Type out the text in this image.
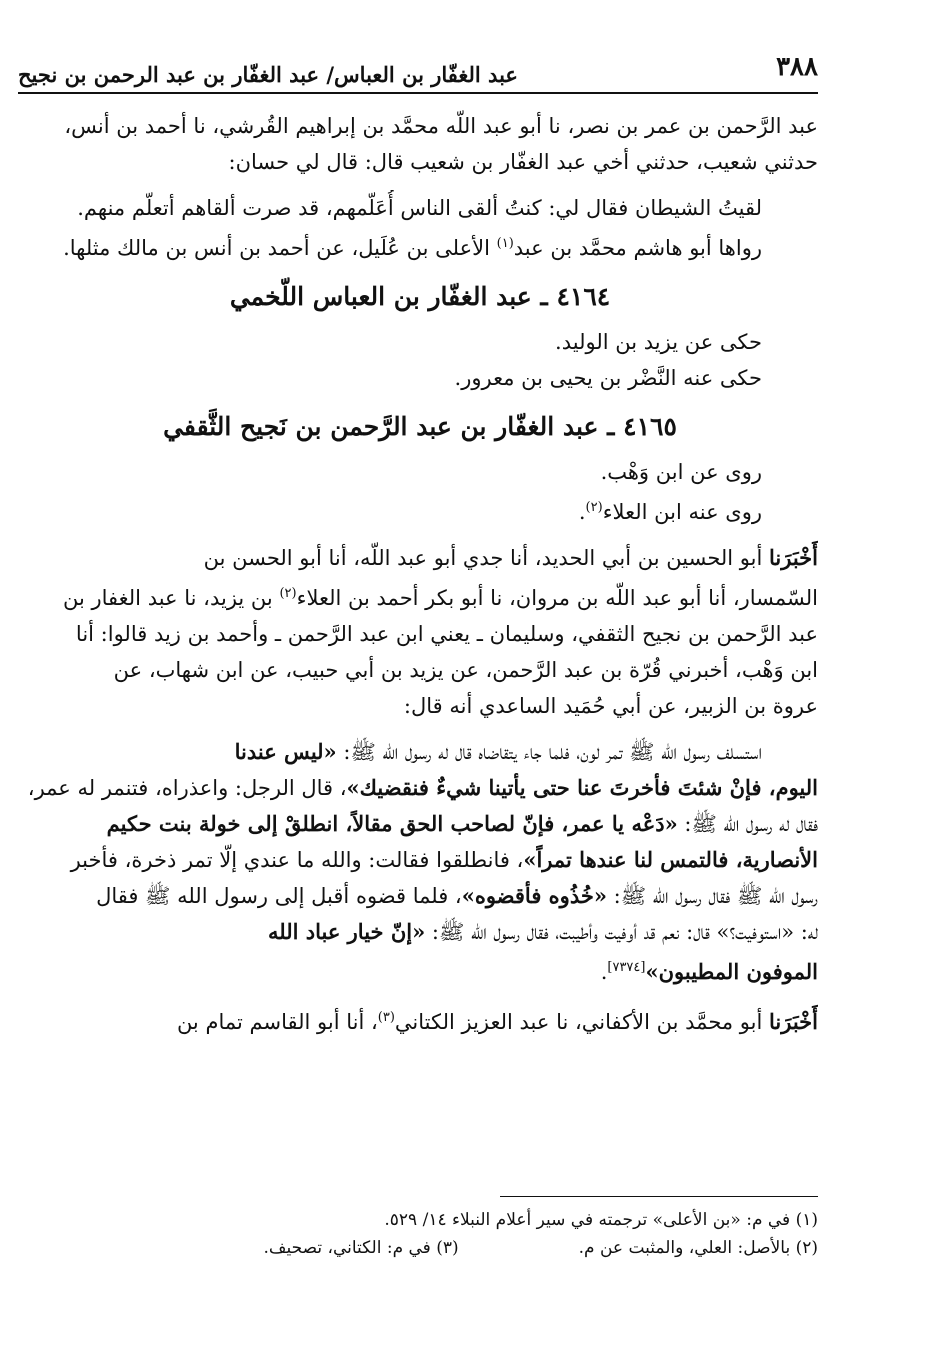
٣٨٨
عبد الغفّار بن العباس/ عبد الغفّار بن عبد الرحمن بن نجيح
عبد الرَّحمن بن عمر بن نصر، نا أبو عبد اللّه محمَّد بن إبراهيم القُرشي، نا أحمد بن أنس،
حدثني شعيب، حدثني أخي عبد الغفّار بن شعيب قال: قال لي حسان:
لقيتُ الشيطان فقال لي: كنتُ ألقى الناس أُعَلّمهم، قد صرت ألقاهم أتعلّم منهم.
رواها أبو هاشم محمَّد بن عبد$^{(١)}$ الأعلى بن عُلَيل، عن أحمد بن أنس بن مالك مثلها.
٤١٦٤ ـ عبد الغفّار بن العباس اللّخمي
حكى عن يزيد بن الوليد.
حكى عنه النَّضْر بن يحيى بن معرور.
٤١٦٥ ـ عبد الغفّار بن عبد الرَّحمن بن نَجيح الثَّقفي
روى عن ابن وَهْب.
روى عنه ابن العلاء$^{(٢)}$.
أَخْبَرَنا أبو الحسين بن أبي الحديد، أنا جدي أبو عبد اللّه، أنا أبو الحسن بن
السّمسار، أنا أبو عبد اللّه بن مروان، نا أبو بكر أحمد بن العلاء$^{(٢)}$ بن يزيد، نا عبد الغفار بن
عبد الرَّحمن بن نجيح الثقفي، وسليمان ـ يعني ابن عبد الرَّحمن ـ وأحمد بن زيد قالوا: أنا
ابن وَهْب، أخبرني قُرّة بن عبد الرَّحمن، عن يزيد بن أبي حبيب، عن ابن شهاب، عن
عروة بن الزبير، عن أبي حُمَيد الساعدي أنه قال:
استسلف رسول الله ﷺ تمر لون، فلما جاء يتقاضاه قال له رسول الله ﷺ: «ليس عندنا
اليوم، فإنْ شئتَ فأخرتَ عنا حتى يأتينا شيءٌ فنقضيك»، قال الرجل: واعذراه، فتنمر له عمر،
فقال له رسول الله ﷺ: «دَعْه يا عمر، فإنّ لصاحب الحق مقالاً، انطلقْ إلى خولة بنت حكيم
الأنصارية، فالتمس لنا عندها تمراً»، فانطلقوا فقالت: والله ما عندي إلّا تمر ذخرة، فأخبر
رسول الله ﷺ فقال رسول الله ﷺ: «خُذُوه فأقضوه»، فلما قضوه أقبل إلى رسول الله ﷺ فقال
له: «استوفيت؟» قال: نعم قد أوفيت وأطيبت، فقال رسول الله ﷺ: «إنّ خيار عباد الله
الموفون المطيبون»[٧٣٧٤].
أَخْبَرَنا أبو محمَّد بن الأكفاني، نا عبد العزيز الكتاني$^{(٣)}$، أنا أبو القاسم تمام بن
(١) في م: «بن الأعلى» ترجمته في سير أعلام النبلاء ١٤/ ٥٢٩.
(٢) بالأصل: العلي، والمثبت عن م.(٣) في م: الكتاني، تصحيف.
